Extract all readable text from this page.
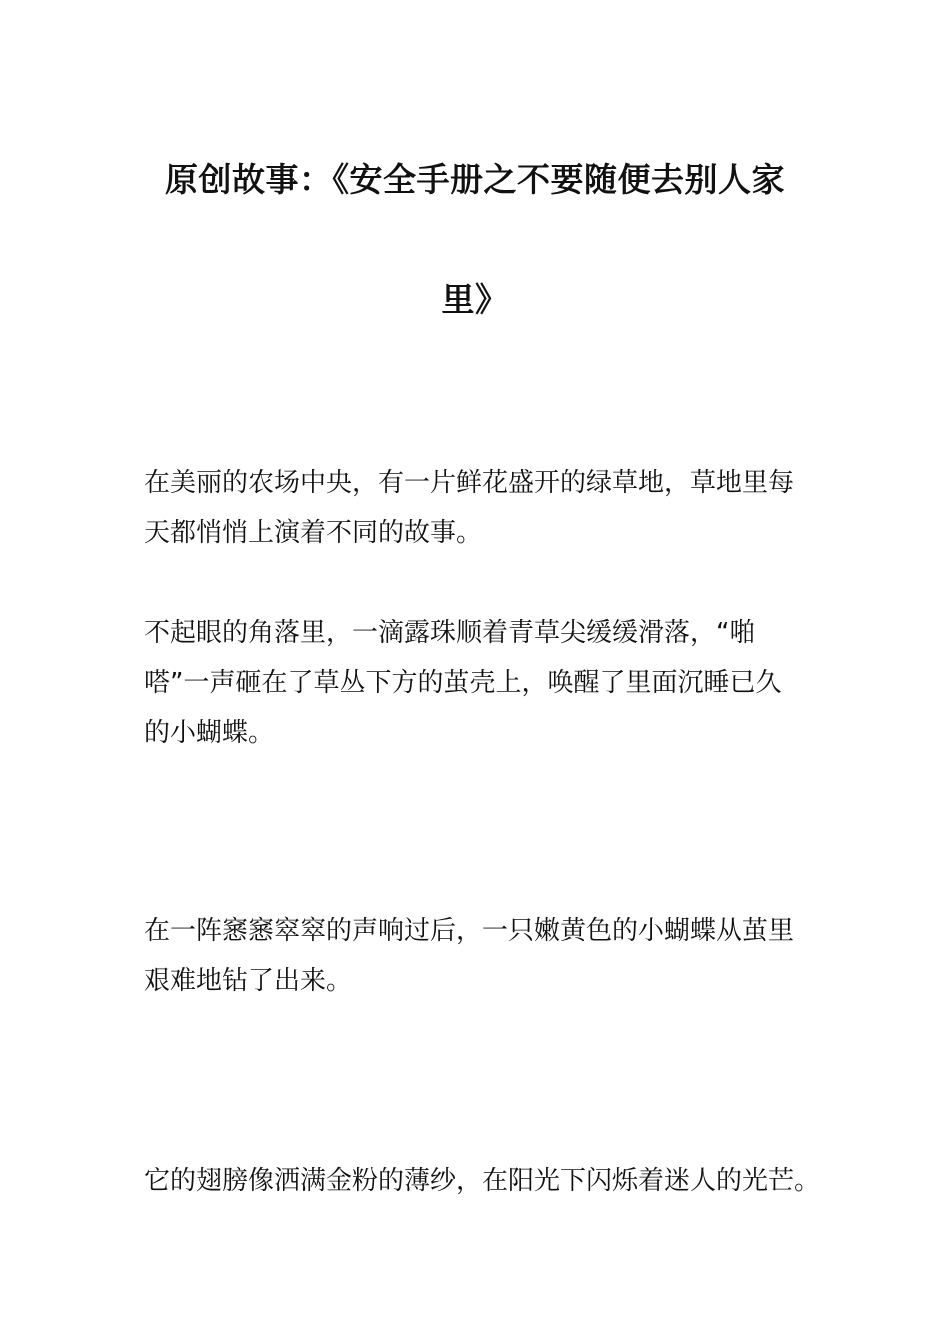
原创故事：《安全手册之不要随便去别人家
里》

在美丽的农场中央，有一片鲜花盛开的绿草地，草地里每
天都悄悄上演着不同的故事。

不起眼的角落里，一滴露珠顺着青草尖缓缓滑落，“啪
嗒”一声砸在了草丛下方的茧壳上，唤醒了里面沉睡已久
的小蝴蝶。

在一阵窸窸窣窣的声响过后，一只嫩黄色的小蝴蝶从茧里
艰难地钻了出来。

它的翅膀像洒满金粉的薄纱，在阳光下闪烁着迷人的光芒。
